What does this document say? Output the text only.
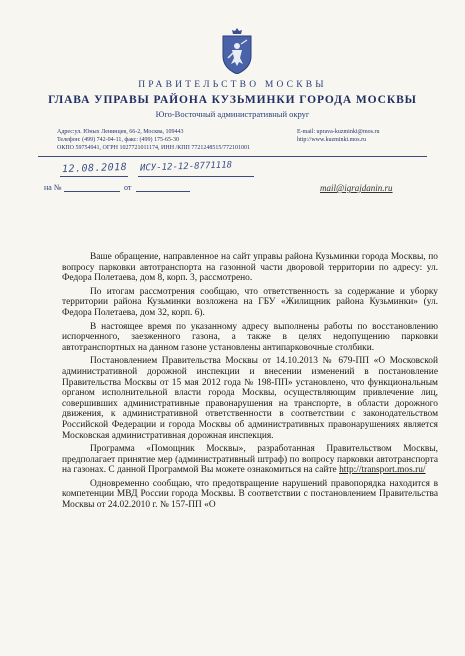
ПРАВИТЕЛЬСТВО МОСКВЫ
ГЛАВА УПРАВЫ РАЙОНА КУЗЬМИНКИ ГОРОДА МОСКВЫ
Юго-Восточный административный округ
Адрес:ул. Юных Ленинцев, 66-2, Москва, 109443
Телефон: (499) 742-04-11, факс: (499) 175-65-30
E-mail: uprava-kuzminki@mos.ru
http://www.kuzminki.mos.ru
ОКПО 59754941, ОГРН 1027721011174, ИНН /КПП 7721248515/772101001
12.08.2018 ИСУ-12-12-8771118
на №	от	mail@igrajdanin.ru

Ваше обращение, направленное на сайт управы района Кузьминки города Москвы, по вопросу парковки автотранспорта на газонной части дворовой территории по адресу: ул. Федора Полетаева, дом 8, корп. 3, рассмотрено.

По итогам рассмотрения сообщаю, что ответственность за содержание и уборку территории района Кузьминки возложена на ГБУ «Жилищник района Кузьминки» (ул. Федора Полетаева, дом 32, корп. 6).

В настоящее время по указанному адресу выполнены работы по восстановлению испорченного, заезженного газона, а также в целях недопущению парковки автотранспортных на данном газоне установлены антипарковочные столбики.

Постановлением Правительства Москвы от 14.10.2013 № 679-ПП «О Московской административной дорожной инспекции и внесении изменений в постановление Правительства Москвы от 15 мая 2012 года № 198-ПП» установлено, что функциональным органом исполнительной власти города Москвы, осуществляющим привлечение лиц, совершивших административные правонарушения на транспорте, в области дорожного движения, к административной ответственности в соответствии с законодательством Российской Федерации и города Москвы об административных правонарушениях является Московская административная дорожная инспекция.

Программа «Помощник Москвы», разработанная Правительством Москвы, предполагает принятие мер (административный штраф) по вопросу парковки автотранспорта на газонах. С данной Программой Вы можете ознакомиться на сайте http://transport.mos.ru/

Одновременно сообщаю, что предотвращение нарушений правопорядка находится в компетенции МВД России города Москвы. В соответствии с постановлением Правительства Москвы от 24.02.2010 г. № 157-ПП «О
